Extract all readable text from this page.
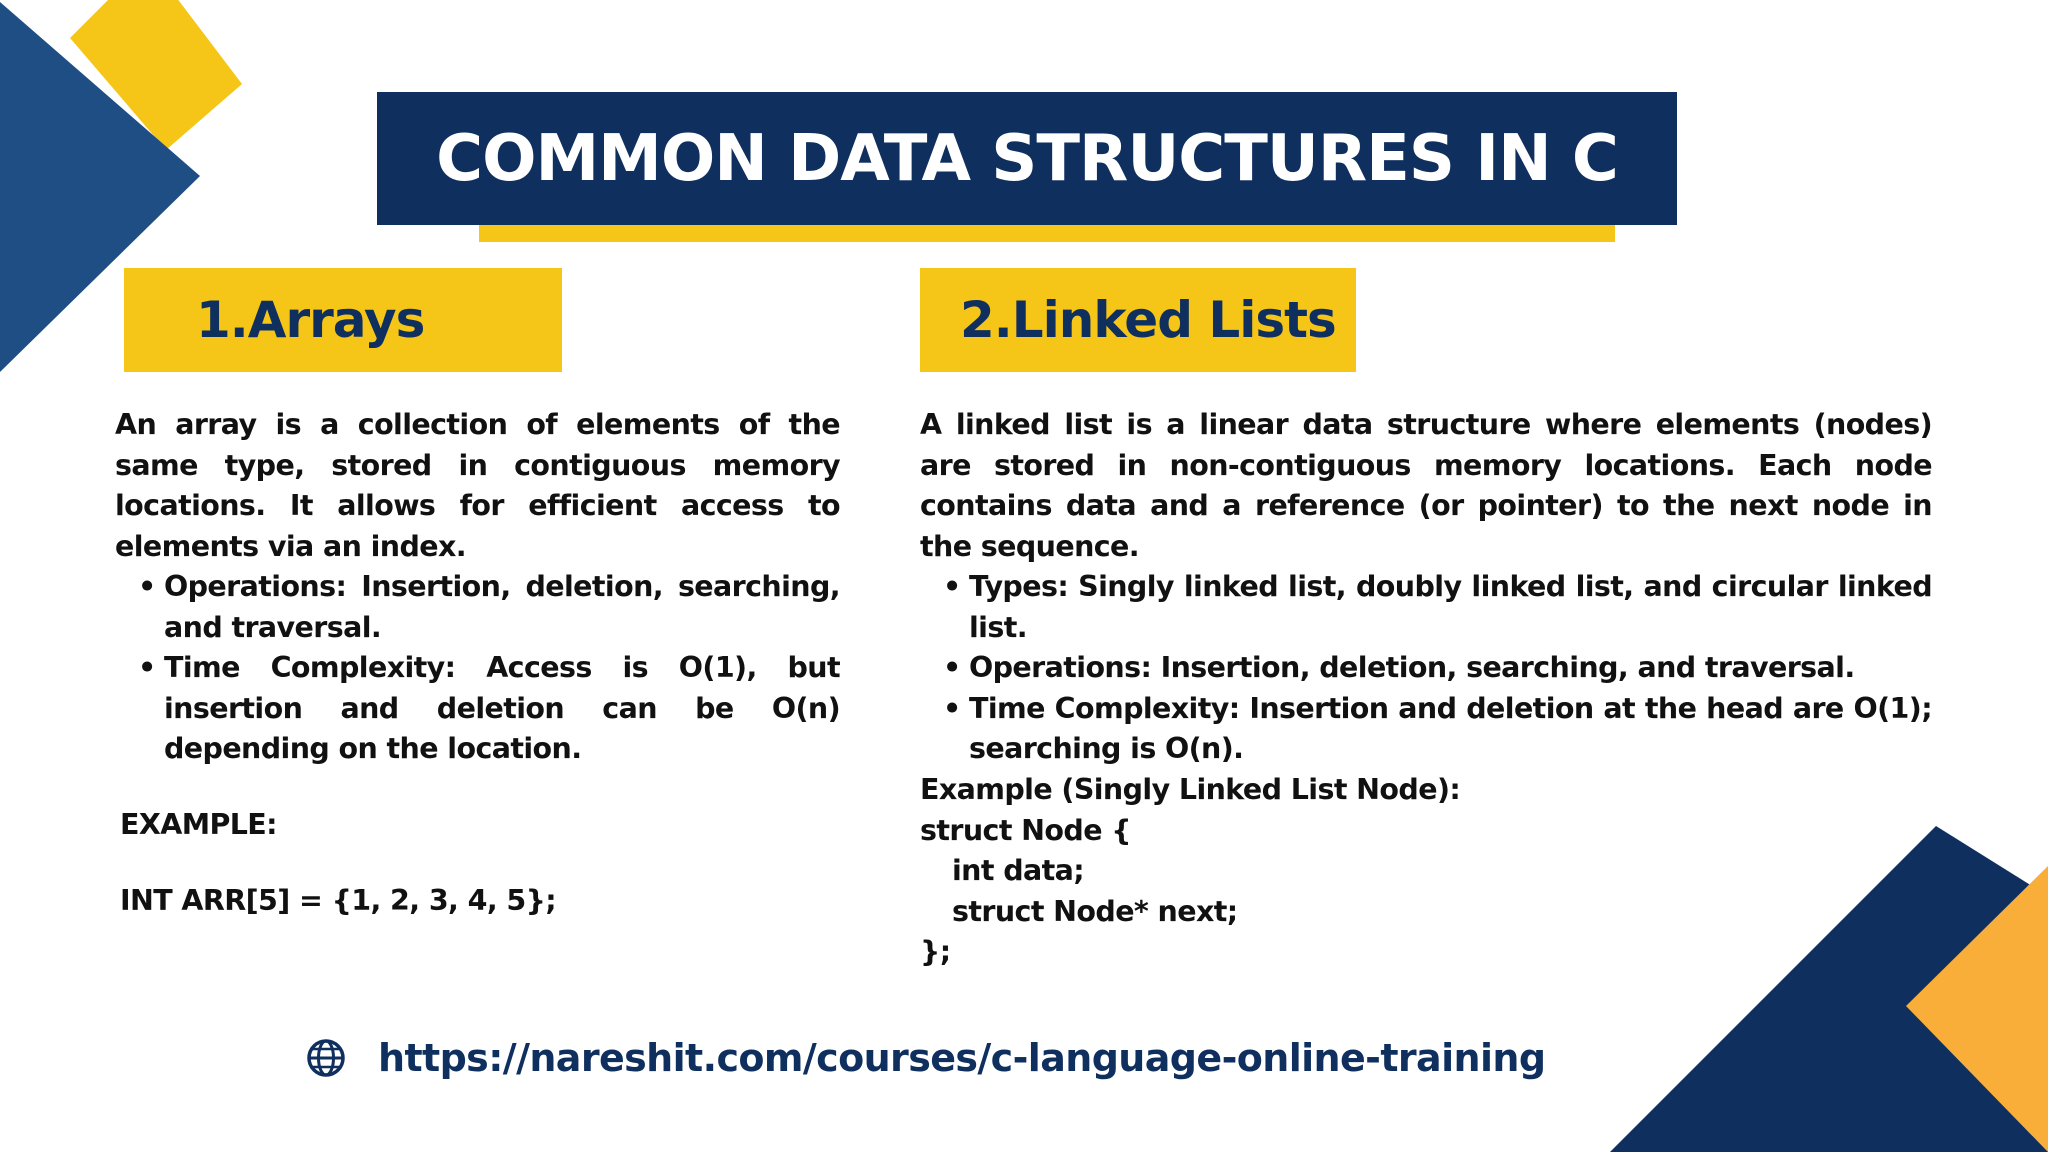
COMMON DATA STRUCTURES IN C
1.Arrays	2.Linked Lists

An array is a collection of elements of the same type, stored in contiguous memory locations. It allows for efficient access to elements via an index.

• Operations: Insertion, deletion, searching, and traversal.
• Time Complexity: Access is O(1), but insertion and deletion can be O(n) depending on the location.
EXAMPLE:
INT ARR[5] = {1, 2, 3, 4, 5};

A linked list is a linear data structure where elements (nodes) are stored in non-contiguous memory locations. Each node contains data and a reference (or pointer) to the next node in the sequence.

• Types: Singly linked list, doubly linked list, and circular linked list.
• Operations: Insertion, deletion, searching, and traversal.
• Time Complexity: Insertion and deletion at the head are O(1); searching is O(n).
Example (Singly Linked List Node):
struct Node {
int data;
struct Node* next;
};
https://nareshit.com/courses/c-language-online-training
